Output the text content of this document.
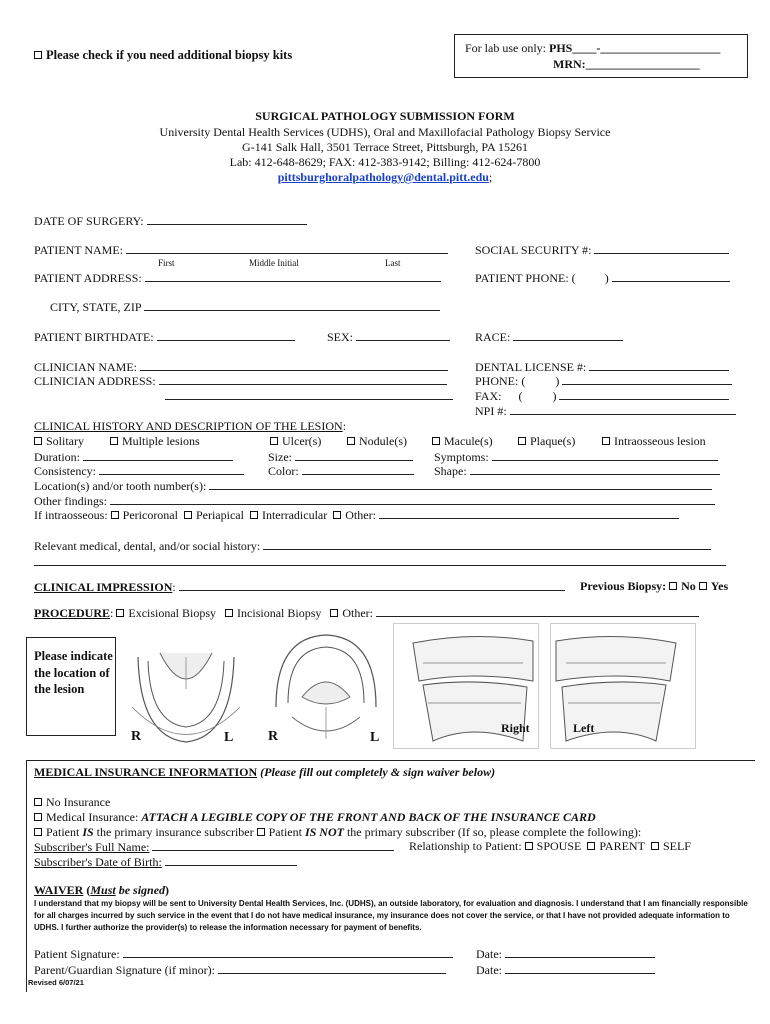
Please check if you need additional biopsy kits	For lab use only: PHS____-____________________
MRN:___________________
SURGICAL PATHOLOGY SUBMISSION FORM
University Dental Health Services (UDHS), Oral and Maxillofacial Pathology Biopsy Service
G-141 Salk Hall, 3501 Terrace Street, Pittsburgh, PA 15261
Lab: 412-648-8629; FAX: 412-383-9142; Billing: 412-624-7800
pittsburghoralpathology@dental.pitt.edu;
DATE OF SURGERY:
PATIENT NAME:
First	Middle Initial	Last
SOCIAL SECURITY #:
PATIENT ADDRESS:	PATIENT PHONE: ( )
CITY, STATE, ZIP
PATIENT BIRTHDATE:	SEX:	RACE:
CLINICIAN NAME:
CLINICIAN ADDRESS:
DENTAL LICENSE #:
PHONE: (	)
FAX: (	)
NPI #:
CLINICAL HISTORY AND DESCRIPTION OF THE LESION:
Solitary	Multiple lesions	Ulcer(s)	Nodule(s)	Macule(s)	Plaque(s)	Intraosseous lesion
Duration:	Size:	Symptoms:
Consistency:	Color:	Shape:
Location(s) and/or tooth number(s):
Other findings:
If intraosseous: Pericoronal Periapical Interradicular Other:
Relevant medical, dental, and/or social history:
CLINICAL IMPRESSION:	Previous Biopsy: No Yes
PROCEDURE: Excisional Biopsy Incisional Biopsy Other:
Please indicate the location of the lesion
R	L R	L
Right	Left
MEDICAL INSURANCE INFORMATION (Please fill out completely & sign waiver below)
No Insurance
Medical Insurance: ATTACH A LEGIBLE COPY OF THE FRONT AND BACK OF THE INSURANCE CARD
Patient IS the primary insurance subscriber Patient IS NOT the primary subscriber (If so, please complete the following):
Subscriber's Full Name:	Relationship to Patient: SPOUSE PARENT SELF
Subscriber's Date of Birth:
WAIVER (Must be signed)
I understand that my biopsy will be sent to University Dental Health Services, Inc. (UDHS), an outside laboratory, for evaluation and diagnosis. I understand that I am financially responsible for all charges incurred by such service in the event that I do not have medical insurance, my insurance does not cover the service, or that I have not provided adequate information to UDHS. I further authorize the provider(s) to release the information necessary for payment of benefits.
Patient Signature:	Date:
Parent/Guardian Signature (if minor):	Date:
Revised 6/07/21
